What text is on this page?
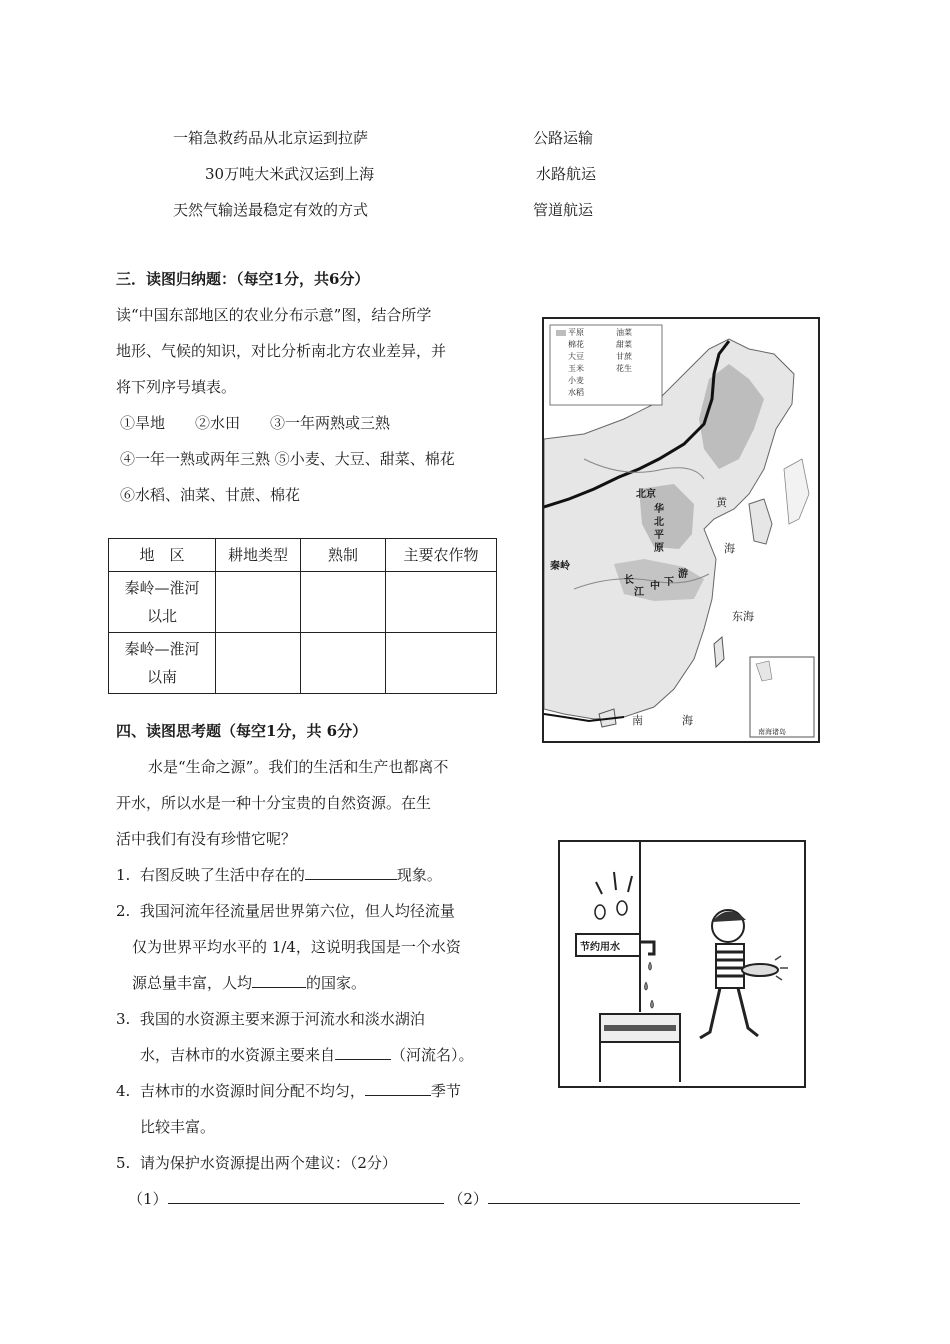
一箱急救药品从北京运到拉萨	公路运输
30万吨大米武汉运到上海	水路航运
天然气输送最稳定有效的方式	管道航运
三．读图归纳题：（每空1分，共6分）
读“中国东部地区的农业分布示意”图，结合所学
地形、气候的知识，对比分析南北方农业差异，并
将下列序号填表。
①旱地　　②水田　　③一年两熟或三熟
④一年一熟或两年三熟 ⑤小麦、大豆、甜菜、棉花
⑥水稻、油菜、甘蔗、棉花
地　区	耕地类型	熟制	主要农作物
秦岭—淮河
以北			
秦岭—淮河
以南			
平原	油菜
棉花	甜菜
大豆	甘蔗
玉米	花生
小麦
水稻
北京
华
北
平
原
秦岭
长
江
中 下
游
黄
海
东海
南	海
南海诸岛
四、读图思考题（每空1分，共 6分）
水是“生命之源”。我们的生活和生产也都离不
开水，所以水是一种十分宝贵的自然资源。在生
活中我们有没有珍惜它呢？
1. 右图反映了生活中存在的	现象。
2. 我国河流年径流量居世界第六位，但人均径流量
仅为世界平均水平的 1/4，这说明我国是一个水资
源总量丰富，人均	的国家。
3. 我国的水资源主要来源于河流水和淡水湖泊
水，吉林市的水资源主要来自	（河流名）。
4. 吉林市的水资源时间分配不均匀，	季节
比较丰富。
5. 请为保护水资源提出两个建议：（2分）
（1）	（2）
节约用水
